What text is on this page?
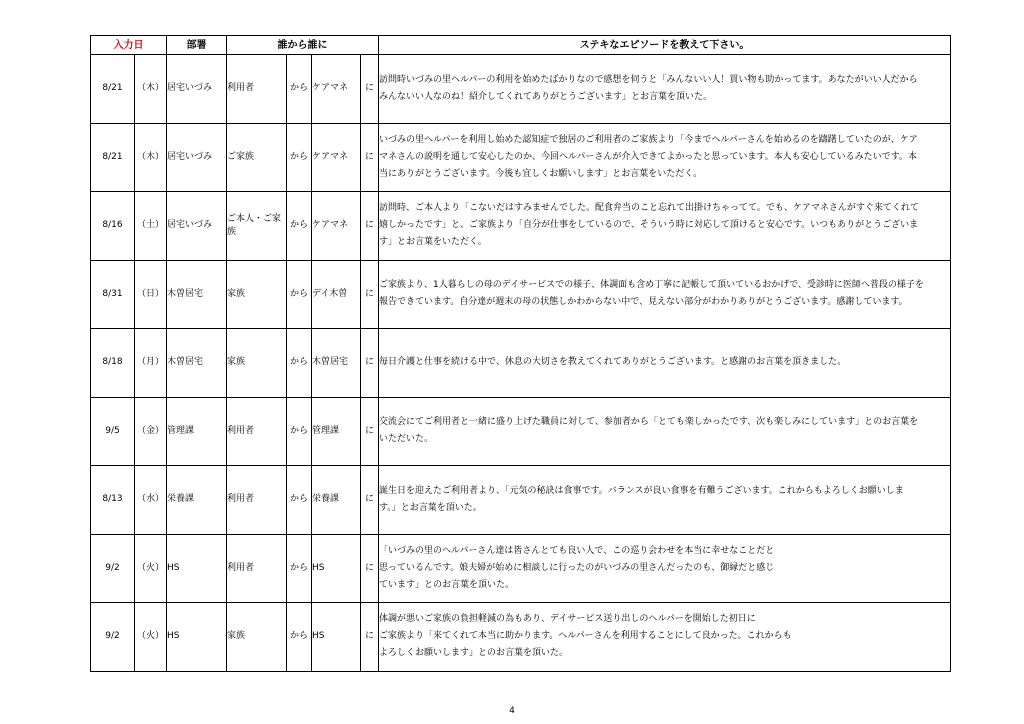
入力日		部署	誰から誰に				ステキなエピソードを教えて下さい。
8/21	（木）	居宅いづみ	利用者	から	ケアマネ	に	訪問時いづみの里ヘルパーの利用を始めたばかりなので感想を伺うと「みんないい人！買い物も助かってます。あなたがいい人だから
みんないい人なのね！紹介してくれてありがとうございます」とお言葉を頂いた。

8/21	（木）	居宅いづみ	ご家族	から	ケアマネ	に	いづみの里ヘルパーを利用し始めた認知症で独居のご利用者のご家族より「今までヘルパーさんを始めるのを躊躇していたのが、ケア
マネさんの説明を通して安心したのか、今回ヘルパーさんが介入できてよかったと思っています。本人も安心しているみたいです。本
当にありがとうございます。今後も宜しくお願いします」とお言葉をいただく。

8/16	（土）	居宅いづみ	ご本人・ご家族	から	ケアマネ	に	訪問時、ご本人より「こないだはすみませんでした。配食弁当のこと忘れて出掛けちゃってて。でも、ケアマネさんがすぐ来てくれて
嬉しかったです」と、ご家族より「自分が仕事をしているので、そういう時に対応して頂けると安心です。いつもありがとうございま
す」とお言葉をいただく。

8/31	（日）	木曽居宅	家族	から	デイ木曽	に	ご家族より、1人暮らしの母のデイサービスでの様子、体調面も含め丁寧に記帳して頂いているおかげで、受診時に医師へ普段の様子を
報告できています。自分達が週末の母の状態しかわからない中で、見えない部分がわかりありがとうございます。感謝しています。

8/18	（月）	木曽居宅	家族	から	木曽居宅	に	毎日介護と仕事を続ける中で、休息の大切さを教えてくれてありがとうございます。と感謝のお言葉を頂きました。

9/5	（金）	管理課	利用者	から	管理課	に	交流会にてご利用者と一緒に盛り上げた職員に対して、参加者から「とても楽しかったです、次も楽しみにしています」とのお言葉を
いただいた。

8/13	（水）	栄養課	利用者	から	栄養課	に	誕生日を迎えたご利用者より、「元気の秘訣は食事です。バランスが良い食事を有難うございます。これからもよろしくお願いしま
す。」とお言葉を頂いた。

9/2	（火）	HS	利用者	から	HS	に	「いづみの里のヘルパーさん達は皆さんとても良い人で、この巡り会わせを本当に幸せなことだと
思っているんです。娘夫婦が始めに相談しに行ったのがいづみの里さんだったのも、御縁だと感じ
ています」とのお言葉を頂いた。

9/2	（火）	HS	家族	から	HS	に	体調が悪いご家族の負担軽減の為もあり、デイサービス送り出しのヘルパーを開始した初日に
ご家族より「来てくれて本当に助かります。ヘルパーさんを利用することにして良かった。これからも
よろしくお願いします」とのお言葉を頂いた。
4
